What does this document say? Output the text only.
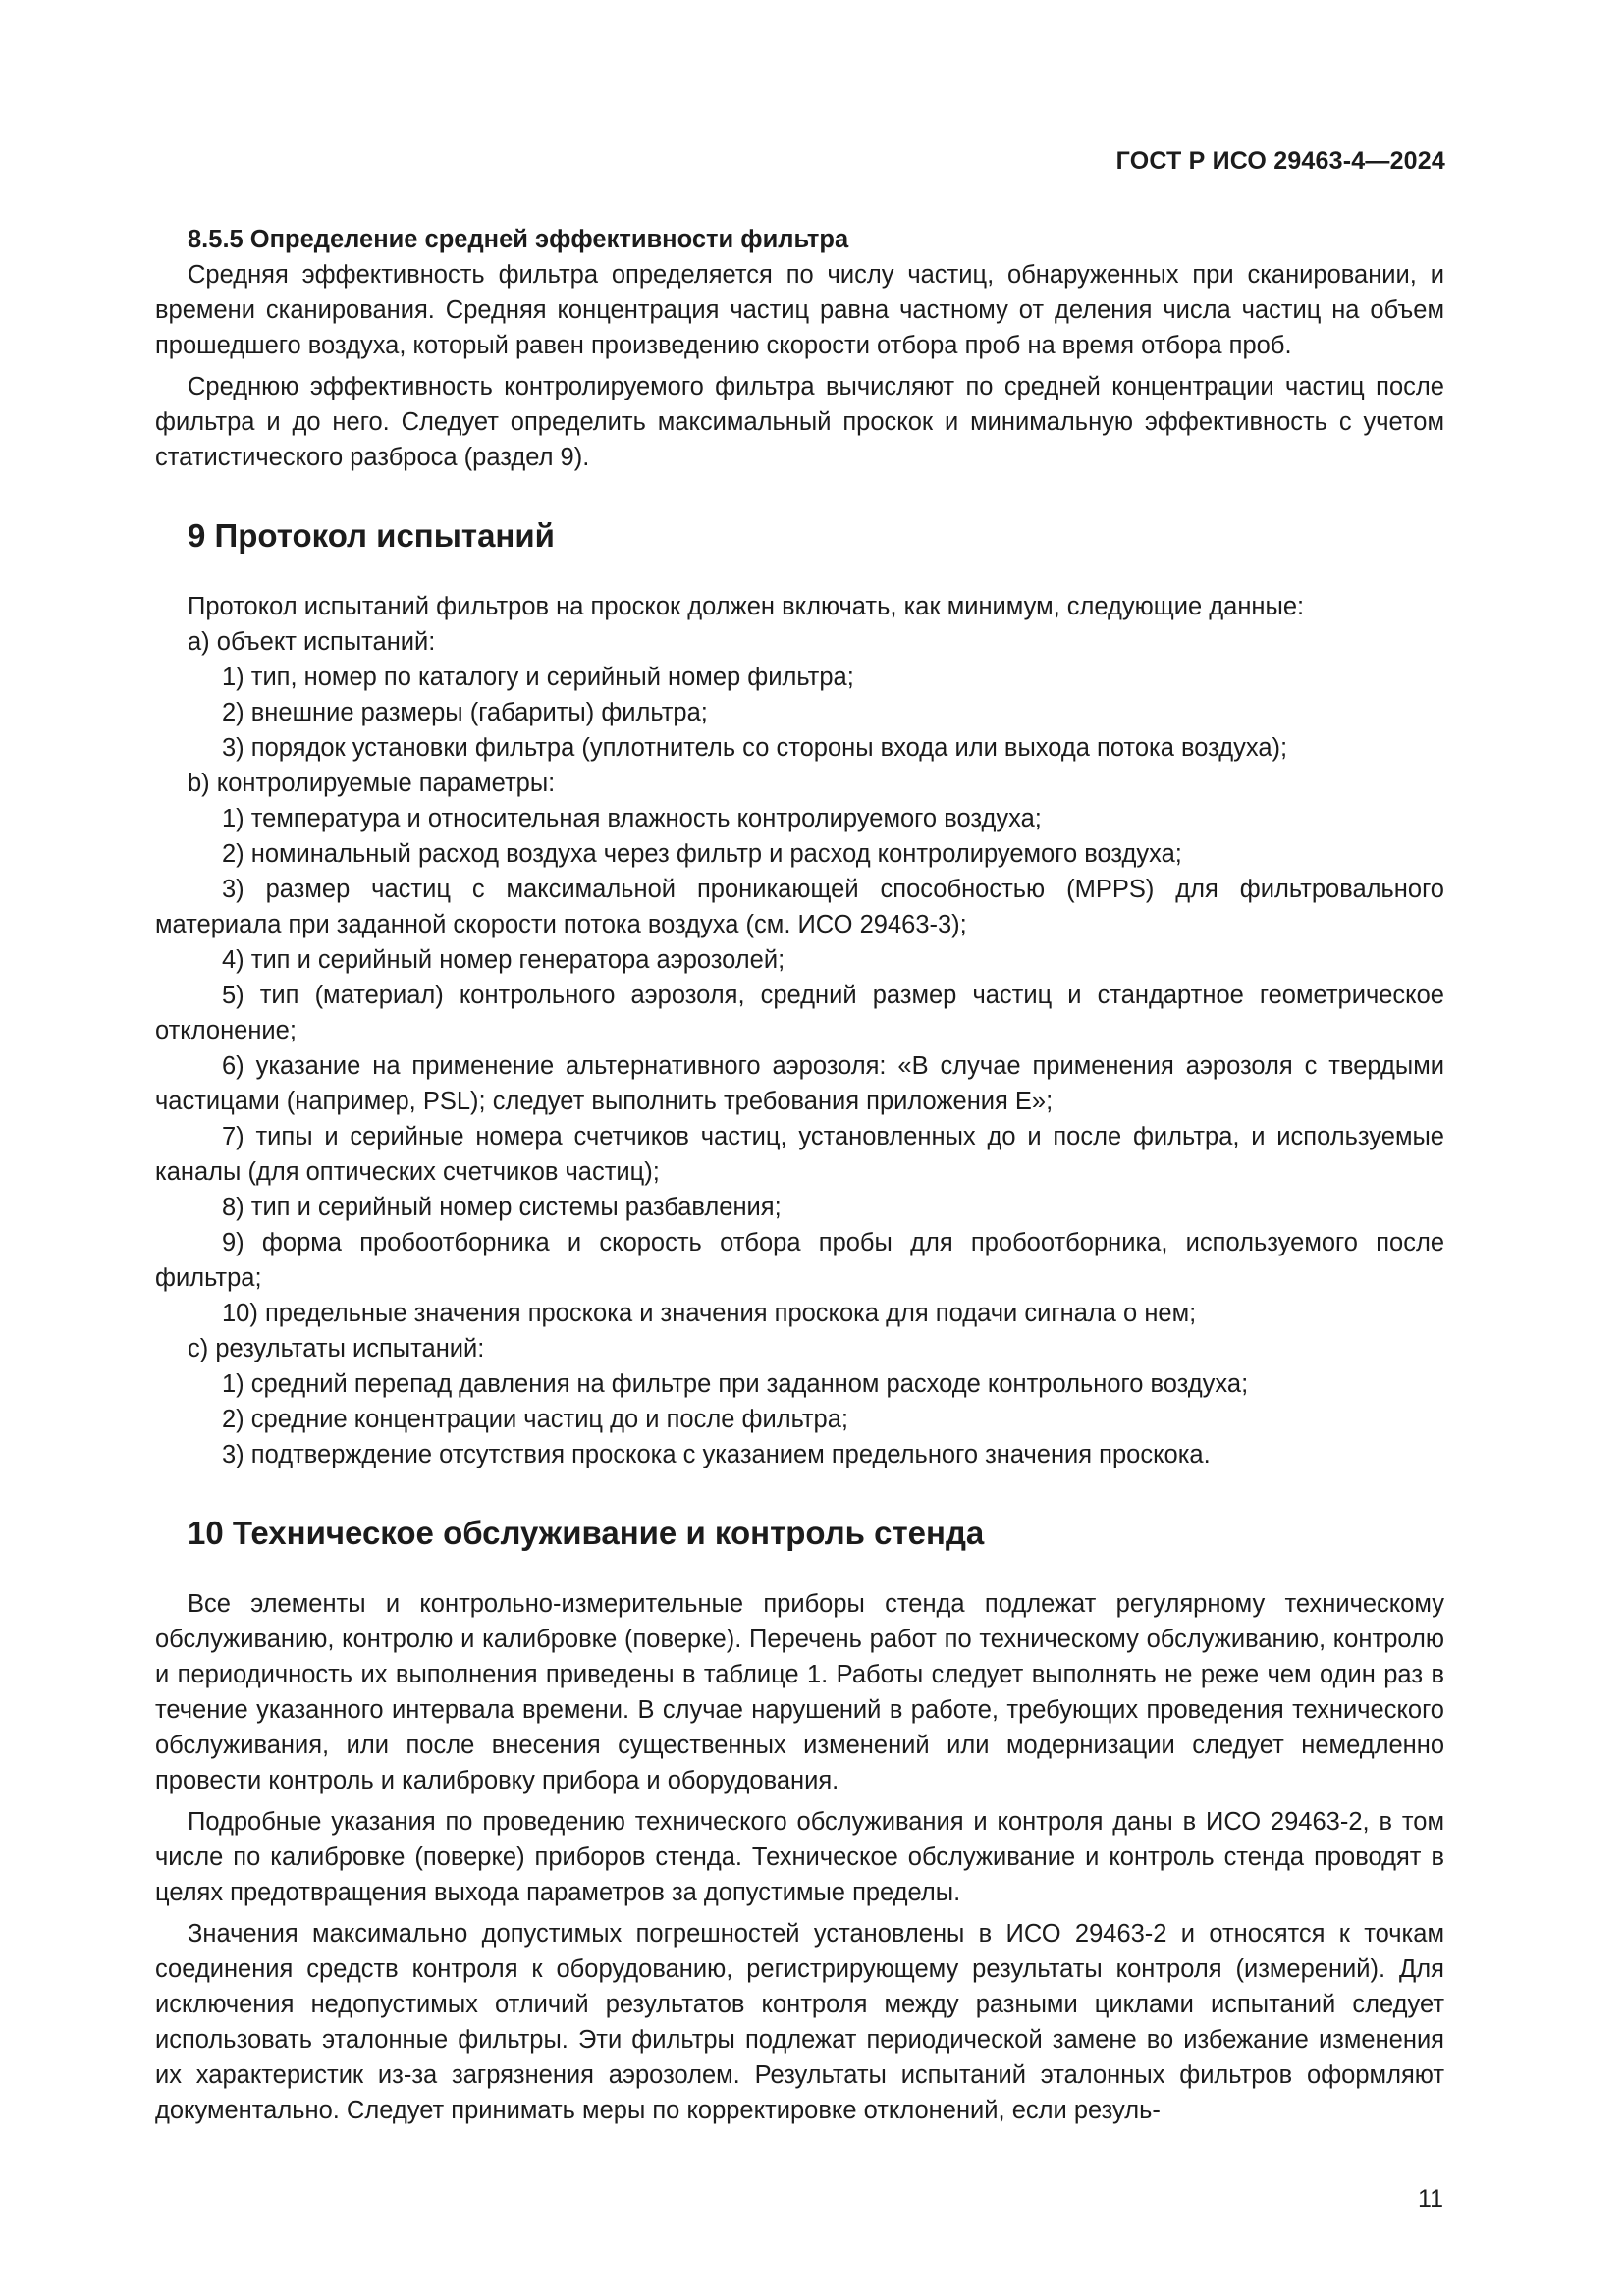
ГОСТ Р ИСО 29463-4—2024

8.5.5 Определение средней эффективности фильтра

Средняя эффективность фильтра определяется по числу частиц, обнаруженных при сканировании, и времени сканирования. Средняя концентрация частиц равна частному от деления числа частиц на объем прошедшего воздуха, который равен произведению скорости отбора проб на время отбора проб.

Среднюю эффективность контролируемого фильтра вычисляют по средней концентрации частиц после фильтра и до него. Следует определить максимальный проскок и минимальную эффективность с учетом статистического разброса (раздел 9).

9 Протокол испытаний

Протокол испытаний фильтров на проскок должен включать, как минимум, следующие данные:

а) объект испытаний:

1) тип, номер по каталогу и серийный номер фильтра;

2) внешние размеры (габариты) фильтра;

3) порядок установки фильтра (уплотнитель со стороны входа или выхода потока воздуха);

b) контролируемые параметры:

1) температура и относительная влажность контролируемого воздуха;

2) номинальный расход воздуха через фильтр и расход контролируемого воздуха;

3) размер частиц с максимальной проникающей способностью (MPPS) для фильтровального материала при заданной скорости потока воздуха (см. ИСО 29463-3);

4) тип и серийный номер генератора аэрозолей;

5) тип (материал) контрольного аэрозоля, средний размер частиц и стандартное геометрическое отклонение;

6) указание на применение альтернативного аэрозоля: «В случае применения аэрозоля с твердыми частицами (например, PSL); следует выполнить требования приложения Е»;

7) типы и серийные номера счетчиков частиц, установленных до и после фильтра, и используемые каналы (для оптических счетчиков частиц);

8) тип и серийный номер системы разбавления;

9) форма пробоотборника и скорость отбора пробы для пробоотборника, используемого после фильтра;

10) предельные значения проскока и значения проскока для подачи сигнала о нем;

с) результаты испытаний:

1) средний перепад давления на фильтре при заданном расходе контрольного воздуха;

2) средние концентрации частиц до и после фильтра;

3) подтверждение отсутствия проскока с указанием предельного значения проскока.

10 Техническое обслуживание и контроль стенда

Все элементы и контрольно-измерительные приборы стенда подлежат регулярному техническому обслуживанию, контролю и калибровке (поверке). Перечень работ по техническому обслуживанию, контролю и периодичность их выполнения приведены в таблице 1. Работы следует выполнять не реже чем один раз в течение указанного интервала времени. В случае нарушений в работе, требующих проведения технического обслуживания, или после внесения существенных изменений или модернизации следует немедленно провести контроль и калибровку прибора и оборудования.

Подробные указания по проведению технического обслуживания и контроля даны в ИСО 29463-2, в том числе по калибровке (поверке) приборов стенда. Техническое обслуживание и контроль стенда проводят в целях предотвращения выхода параметров за допустимые пределы.

Значения максимально допустимых погрешностей установлены в ИСО 29463-2 и относятся к точкам соединения средств контроля к оборудованию, регистрирующему результаты контроля (измерений). Для исключения недопустимых отличий результатов контроля между разными циклами испытаний следует использовать эталонные фильтры. Эти фильтры подлежат периодической замене во избежание изменения их характеристик из-за загрязнения аэрозолем. Результаты испытаний эталонных фильтров оформляют документально. Следует принимать меры по корректировке отклонений, если резуль-

11
